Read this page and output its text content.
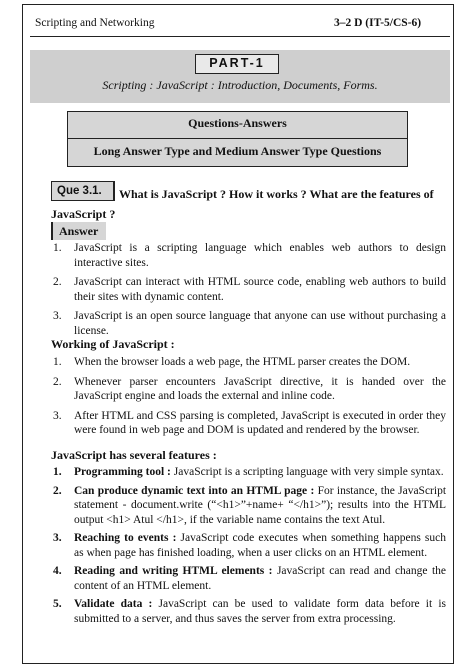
Scripting and Networking	3–2 D (IT-5/CS-6)
PART-1
Scripting : JavaScript : Introduction, Documents, Forms.
Questions-Answers
Long Answer Type and Medium Answer Type Questions
Que 3.1.	What is JavaScript ? How it works ? What are the features of JavaScript ?
Answer
1. JavaScript is a scripting language which enables web authors to design interactive sites.
2. JavaScript can interact with HTML source code, enabling web authors to build their sites with dynamic content.
3. JavaScript is an open source language that anyone can use without purchasing a license.
Working of JavaScript :
1. When the browser loads a web page, the HTML parser creates the DOM.
2. Whenever parser encounters JavaScript directive, it is handed over the JavaScript engine and loads the external and inline code.
3. After HTML and CSS parsing is completed, JavaScript is executed in order they were found in web page and DOM is updated and rendered by the browser.
JavaScript has several features :
1. Programming tool : JavaScript is a scripting language with very simple syntax.
2. Can produce dynamic text into an HTML page : For instance, the JavaScript statement - document.write (“<h1>”+name+ “</h1>”); results into the HTML output <h1> Atul </h1>, if the variable name contains the text Atul.
3. Reaching to events : JavaScript code executes when something happens such as when page has finished loading, when a user clicks on an HTML element.
4. Reading and writing HTML elements : JavaScript can read and change the content of an HTML element.
5. Validate data : JavaScript can be used to validate form data before it is submitted to a server, and thus saves the server from extra processing.
